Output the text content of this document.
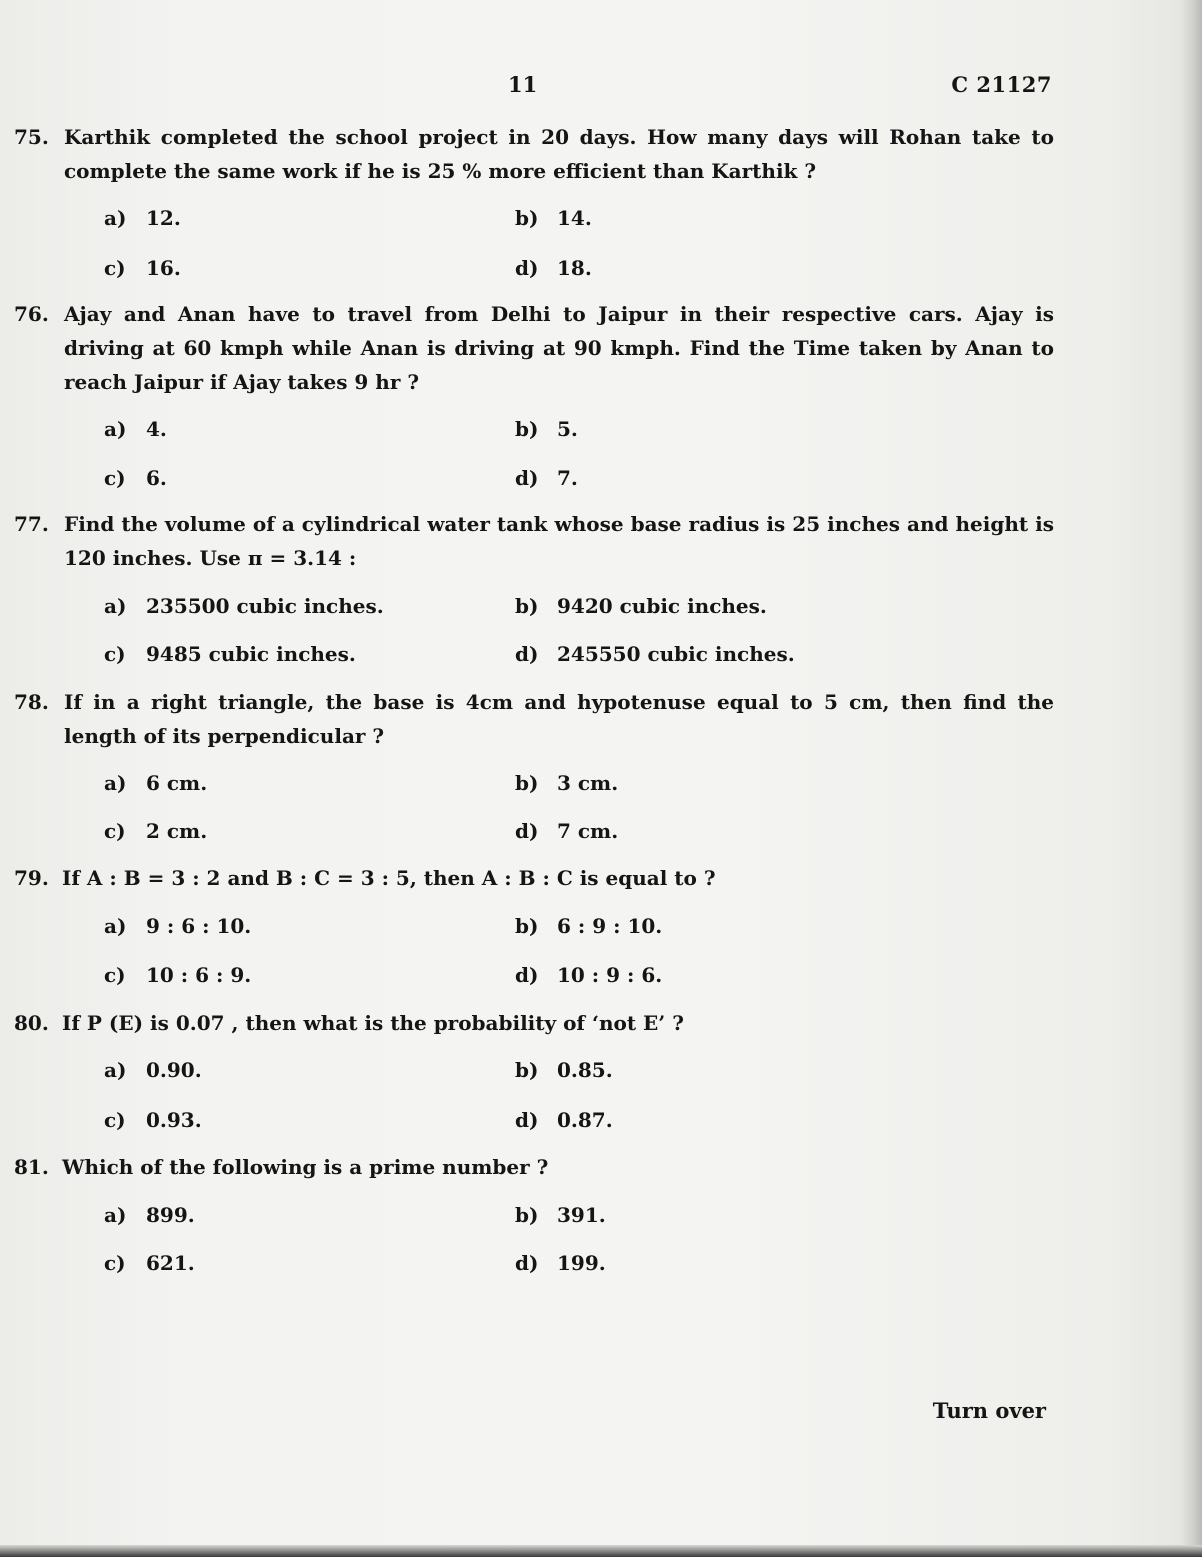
11	C 21127
75. Karthik completed the school project in 20 days. How many days will Rohan take to complete the same work if he is 25 % more efficient than Karthik ?
a) 12.	b) 14.
c) 16.	d) 18.
76. Ajay and Anan have to travel from Delhi to Jaipur in their respective cars. Ajay is driving at 60 kmph while Anan is driving at 90 kmph. Find the Time taken by Anan to reach Jaipur if Ajay takes 9 hr ?
a) 4.	b) 5.
c) 6.	d) 7.
77. Find the volume of a cylindrical water tank whose base radius is 25 inches and height is 120 inches. Use π = 3.14 :
a) 235500 cubic inches.	b) 9420 cubic inches.
c) 9485 cubic inches.	d) 245550 cubic inches.
78. If in a right triangle, the base is 4cm and hypotenuse equal to 5 cm, then find the length of its perpendicular ?
a) 6 cm.	b) 3 cm.
c) 2 cm.	d) 7 cm.
79. If A : B = 3 : 2 and B : C = 3 : 5, then A : B : C is equal to ?
a) 9 : 6 : 10.	b) 6 : 9 : 10.
c) 10 : 6 : 9.	d) 10 : 9 : 6.
80. If P (E) is 0.07 , then what is the probability of ‘not E’ ?
a) 0.90.	b) 0.85.
c) 0.93.	d) 0.87.
81. Which of the following is a prime number ?
a) 899.	b) 391.
c) 621.	d) 199.
Turn over
